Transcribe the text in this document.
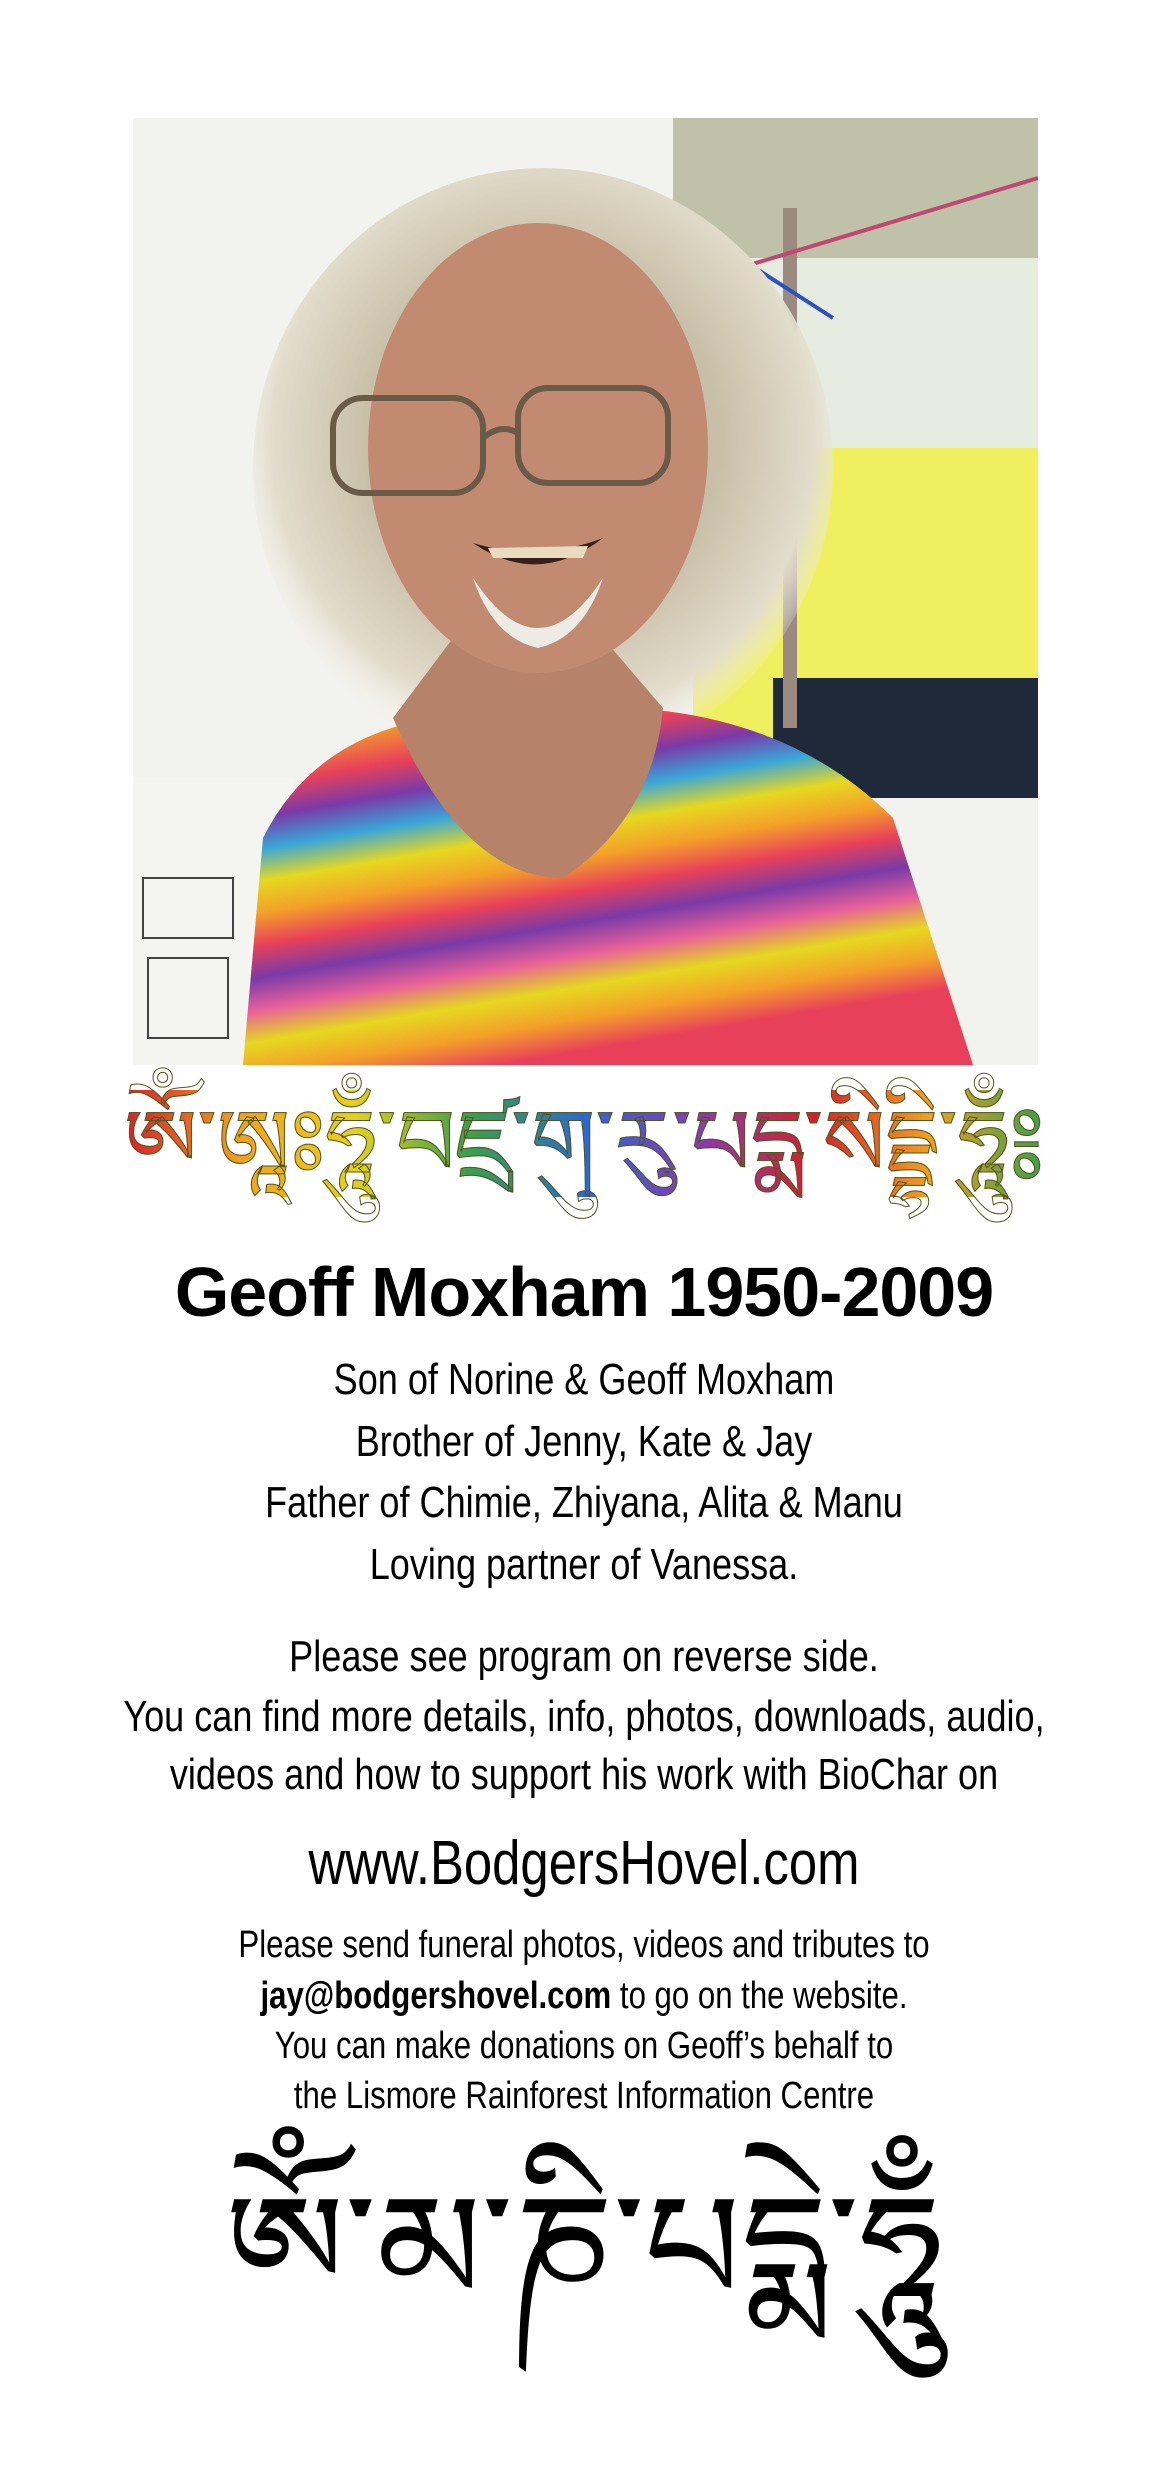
ཨོཾ་ཨཱཿཧཱུྃ་བཛྲ་གུ་རུ་པདྨ་སིདྡྷི་ཧཱུྃ༔
Geoff Moxham 1950-2009
Son of Norine & Geoff Moxham
Brother of Jenny, Kate & Jay
Father of Chimie, Zhiyana, Alita & Manu
Loving partner of Vanessa.
Please see program on reverse side.
You can find more details, info, photos, downloads, audio,
videos and how to support his work with BioChar on
www.BodgersHovel.com
Please send funeral photos, videos and tributes to
jay@bodgershovel.com to go on the website.
You can make donations on Geoff’s behalf to
the Lismore Rainforest Information Centre
ཨོཾ་མ་ཎི་པདྨེ་ཧཱུྃ
